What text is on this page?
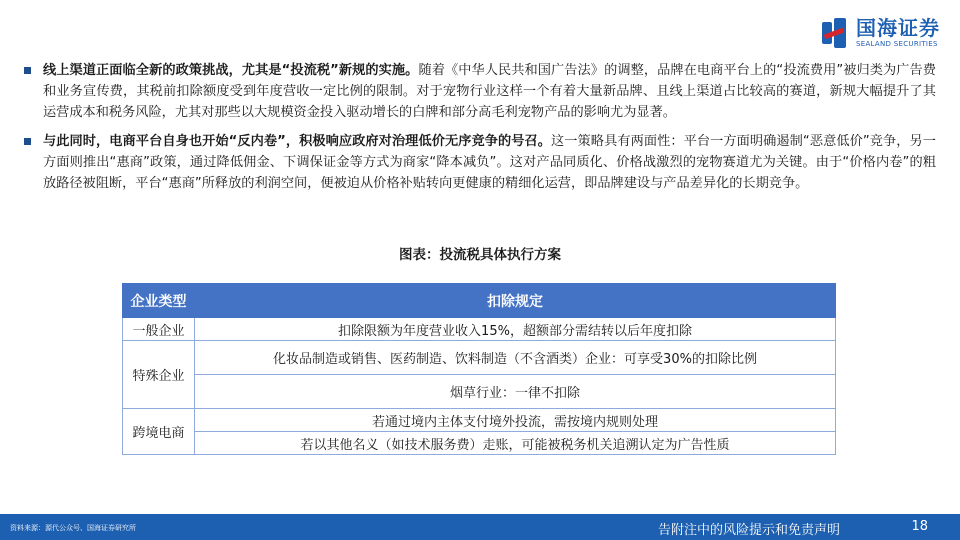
国海证券
SEALAND SECURITIES

线上渠道正面临全新的政策挑战，尤其是“投流税”新规的实施。随着《中华人民共和国广告法》的调整，品牌在电商平台上的“投流费用”被归类为广告费和业务宣传费，其税前扣除额度受到年度营收一定比例的限制。对于宠物行业这样一个有着大量新品牌、且线上渠道占比较高的赛道，新规大幅提升了其运营成本和税务风险，尤其对那些以大规模资金投入驱动增长的白牌和部分高毛利宠物产品的影响尤为显著。

与此同时，电商平台自身也开始“反内卷”，积极响应政府对治理低价无序竞争的号召。这一策略具有两面性：平台一方面明确遏制“恶意低价”竞争，另一方面则推出“惠商”政策，通过降低佣金、下调保证金等方式为商家“降本减负”。这对产品同质化、价格战激烈的宠物赛道尤为关键。由于“价格内卷”的粗放路径被阻断，平台“惠商”所释放的利润空间，便被迫从价格补贴转向更健康的精细化运营，即品牌建设与产品差异化的长期竞争。

图表：投流税具体执行方案
企业类型	扣除规定
一般企业	扣除限额为年度营业收入15%，超额部分需结转以后年度扣除
特殊企业	化妆品制造或销售、医药制造、饮料制造（不含酒类）企业：可享受30%的扣除比例
	烟草行业：一律不扣除
跨境电商	若通过境内主体支付境外投流，需按境内规则处理
	若以其他名义（如技术服务费）走账，可能被税务机关追溯认定为广告性质
资料来源：源代公众号、国海证券研究所	告附注中的风险提示和免责声明	18
